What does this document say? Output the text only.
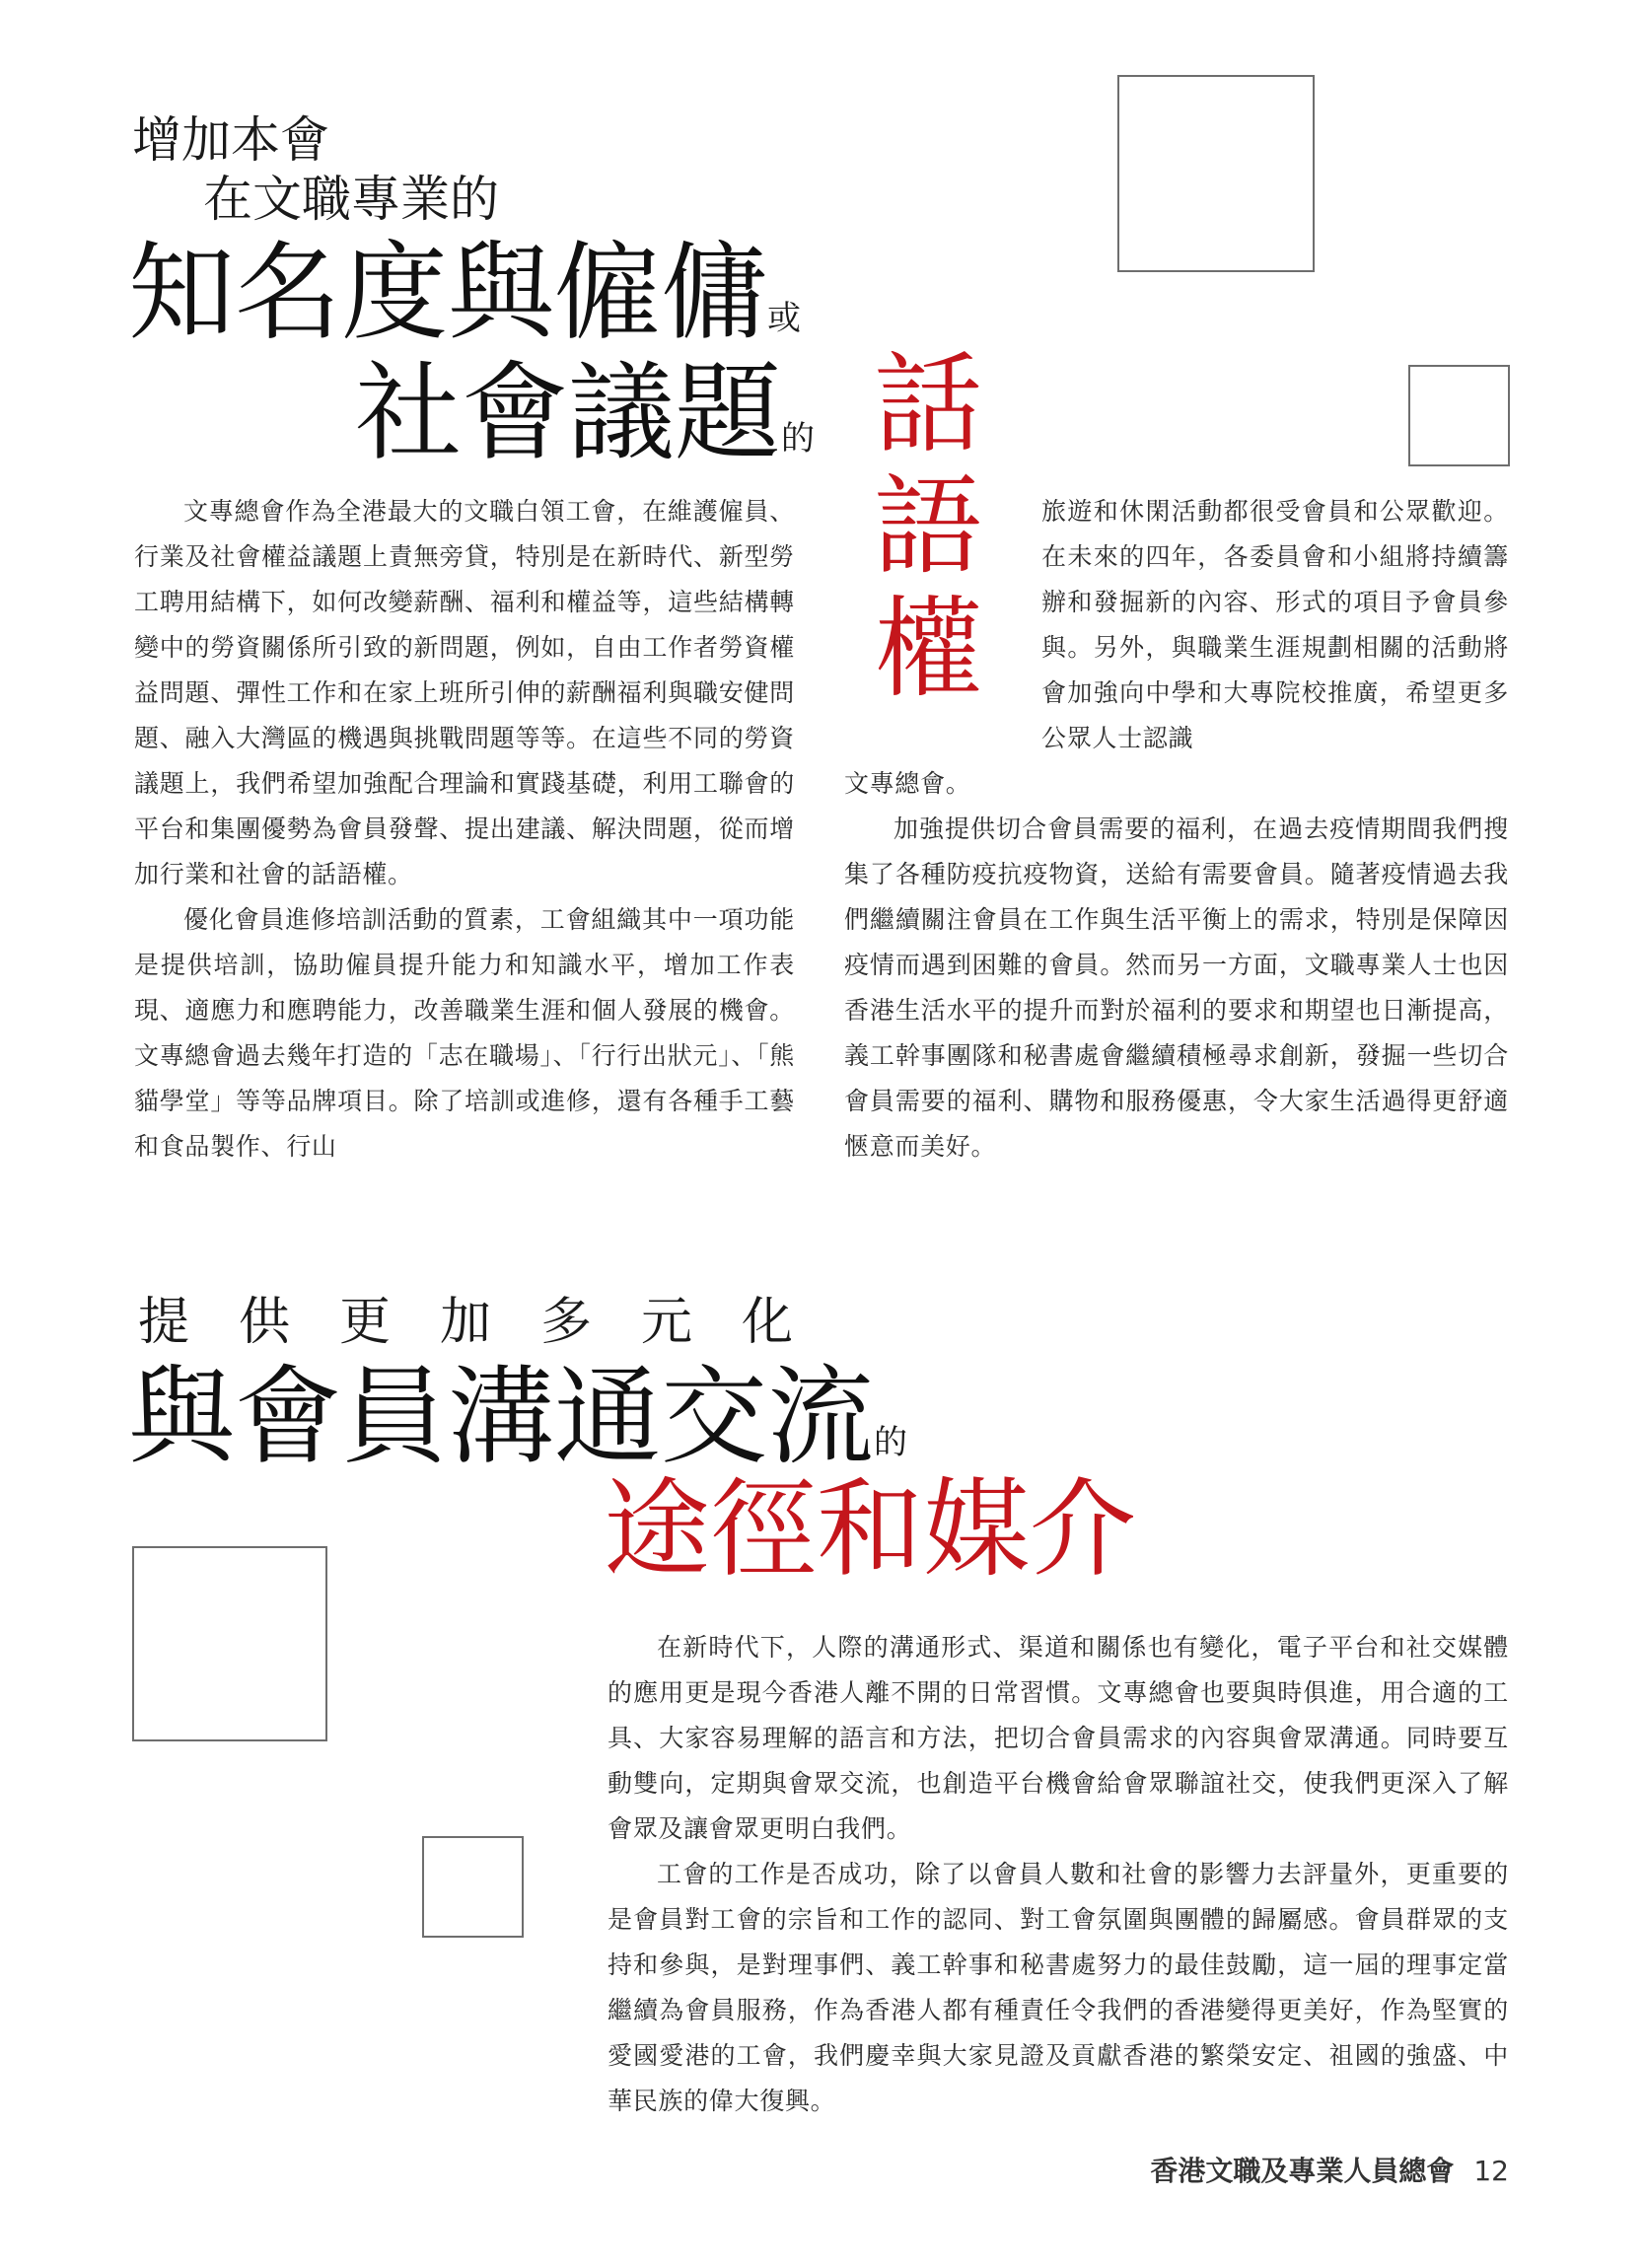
增加本會
在文職專業的
知名度與僱傭或
社會議題的 話
語
權

文專總會作為全港最大的文職白領工會，在維護僱員、行業及社會權益議題上責無旁貸，特別是在新時代、新型勞工聘用結構下，如何改變薪酬、福利和權益等，這些結構轉變中的勞資關係所引致的新問題，例如，自由工作者勞資權益問題、彈性工作和在家上班所引伸的薪酬福利與職安健問題、融入大灣區的機遇與挑戰問題等等。在這些不同的勞資議題上，我們希望加強配合理論和實踐基礎，利用工聯會的平台和集團優勢為會員發聲、提出建議、解決問題，從而增加行業和社會的話語權。

優化會員進修培訓活動的質素，工會組織其中一項功能是提供培訓，協助僱員提升能力和知識水平，增加工作表現、適應力和應聘能力，改善職業生涯和個人發展的機會。文專總會過去幾年打造的「志在職場」、「行行出狀元」、「熊貓學堂」等等品牌項目。除了培訓或進修，還有各種手工藝和食品製作、行山

旅遊和休閑活動都很受會員和公眾歡迎。在未來的四年，各委員會和小組將持續籌辦和發掘新的內容、形式的項目予會員參與。另外，與職業生涯規劃相關的活動將會加強向中學和大專院校推廣，希望更多公眾人士認識

文專總會。

加強提供切合會員需要的福利，在過去疫情期間我們搜集了各種防疫抗疫物資，送給有需要會員。隨著疫情過去我們繼續關注會員在工作與生活平衡上的需求，特別是保障因疫情而遇到困難的會員。然而另一方面，文職專業人士也因香港生活水平的提升而對於福利的要求和期望也日漸提高，義工幹事團隊和秘書處會繼續積極尋求創新，發掘一些切合會員需要的福利、購物和服務優惠，令大家生活過得更舒適愜意而美好。

提供更加多元化
與會員溝通交流的
途徑和媒介

在新時代下，人際的溝通形式、渠道和關係也有變化，電子平台和社交媒體的應用更是現今香港人離不開的日常習慣。文專總會也要與時俱進，用合適的工具、大家容易理解的語言和方法，把切合會員需求的內容與會眾溝通。同時要互動雙向，定期與會眾交流，也創造平台機會給會眾聯誼社交，使我們更深入了解會眾及讓會眾更明白我們。

工會的工作是否成功，除了以會員人數和社會的影響力去評量外，更重要的是會員對工會的宗旨和工作的認同、對工會氛圍與團體的歸屬感。會員群眾的支持和參與，是對理事們、義工幹事和秘書處努力的最佳鼓勵，這一屆的理事定當繼續為會員服務，作為香港人都有種責任令我們的香港變得更美好，作為堅實的愛國愛港的工會，我們慶幸與大家見證及貢獻香港的繁榮安定、祖國的強盛、中華民族的偉大復興。

香港文職及專業人員總會 12
